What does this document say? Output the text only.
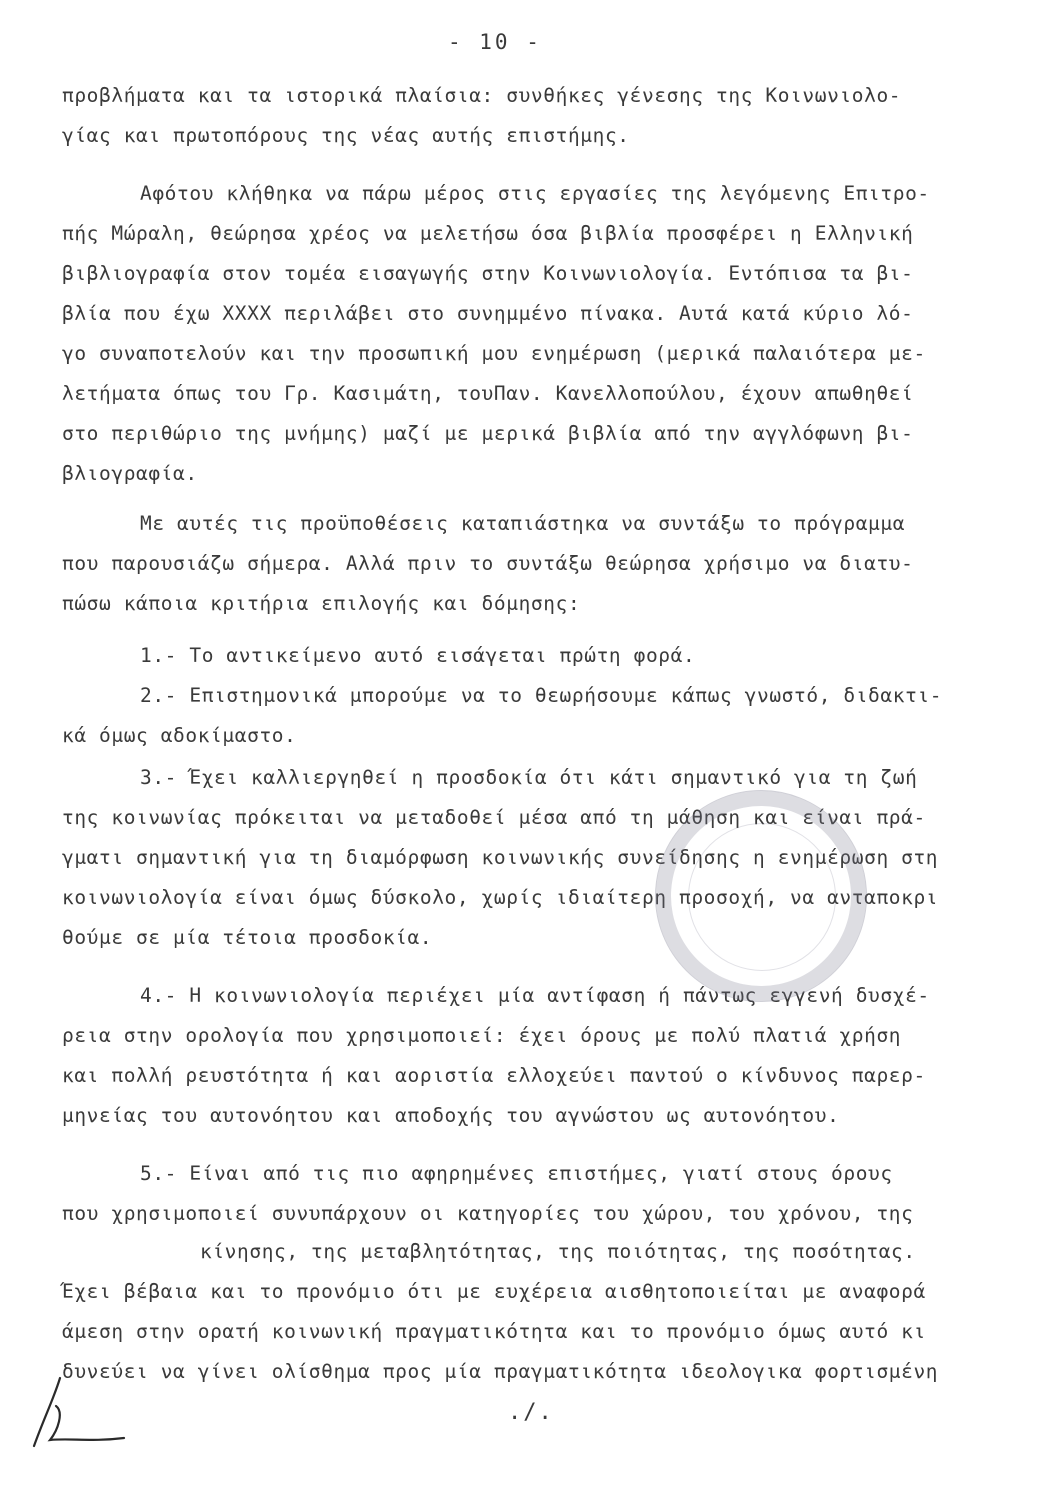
- 10 -
προβλήματα και τα ιστορικά πλαίσια: συνθήκες γένεσης της Κοινωνιολο-
γίας και πρωτοπόρους της νέας αυτής επιστήμης.
Αφότου κλήθηκα να πάρω μέρος στις εργασίες της λεγόμενης Επιτρο-
πής Μώραλη, θεώρησα χρέος να μελετήσω όσα βιβλία προσφέρει η Ελληνική
βιβλιογραφία στον τομέα εισαγωγής στην Κοινωνιολογία. Εντόπισα τα βι-
βλία που έχω ΧΧΧΧ περιλάβει στο συνημμένο πίνακα. Αυτά κατά κύριο λό-
γο συναποτελούν και την προσωπική μου ενημέρωση (μερικά παλαιότερα με-
λετήματα όπως του Γρ. Κασιμάτη, τουΠαν. Κανελλοπούλου, έχουν απωθηθεί
στο περιθώριο της μνήμης) μαζί με μερικά βιβλία από την αγγλόφωνη βι-
βλιογραφία.
Με αυτές τις προϋποθέσεις καταπιάστηκα να συντάξω το πρόγραμμα
που παρουσιάζω σήμερα. Αλλά πριν το συντάξω θεώρησα χρήσιμο να διατυ-
πώσω κάποια κριτήρια επιλογής και δόμησης:
1.- Το αντικείμενο αυτό εισάγεται πρώτη φορά.
2.- Επιστημονικά μπορούμε να το θεωρήσουμε κάπως γνωστό, διδακτι-
κά όμως αδοκίμαστο.
3.- Έχει καλλιεργηθεί η προσδοκία ότι κάτι σημαντικό για τη ζωή
της κοινωνίας πρόκειται να μεταδοθεί μέσα από τη μάθηση και είναι πρά-
γματι σημαντική για τη διαμόρφωση κοινωνικής συνείδησης η ενημέρωση στη
κοινωνιολογία είναι όμως δύσκολο, χωρίς ιδιαίτερη προσοχή, να ανταποκρι
θούμε σε μία τέτοια προσδοκία.
4.- Η κοινωνιολογία περιέχει μία αντίφαση ή πάντως εγγενή δυσχέ-
ρεια στην ορολογία που χρησιμοποιεί: έχει όρους με πολύ πλατιά χρήση
και πολλή ρευστότητα ή και αοριστία ελλοχεύει παντού ο κίνδυνος παρερ-
μηνείας του αυτονόητου και αποδοχής του αγνώστου ως αυτονόητου.
5.- Είναι από τις πιο αφηρημένες επιστήμες, γιατί στους όρους
που χρησιμοποιεί συνυπάρχουν οι κατηγορίες του χώρου, του χρόνου, της
κίνησης, της μεταβλητότητας, της ποιότητας, της ποσότητας.
Έχει βέβαια και το προνόμιο ότι με ευχέρεια αισθητοποιείται με αναφορά
άμεση στην ορατή κοινωνική πραγματικότητα και το προνόμιο όμως αυτό κι
δυνεύει να γίνει ολίσθημα προς μία πραγματικότητα ιδεολογικα φορτισμένη
./.
